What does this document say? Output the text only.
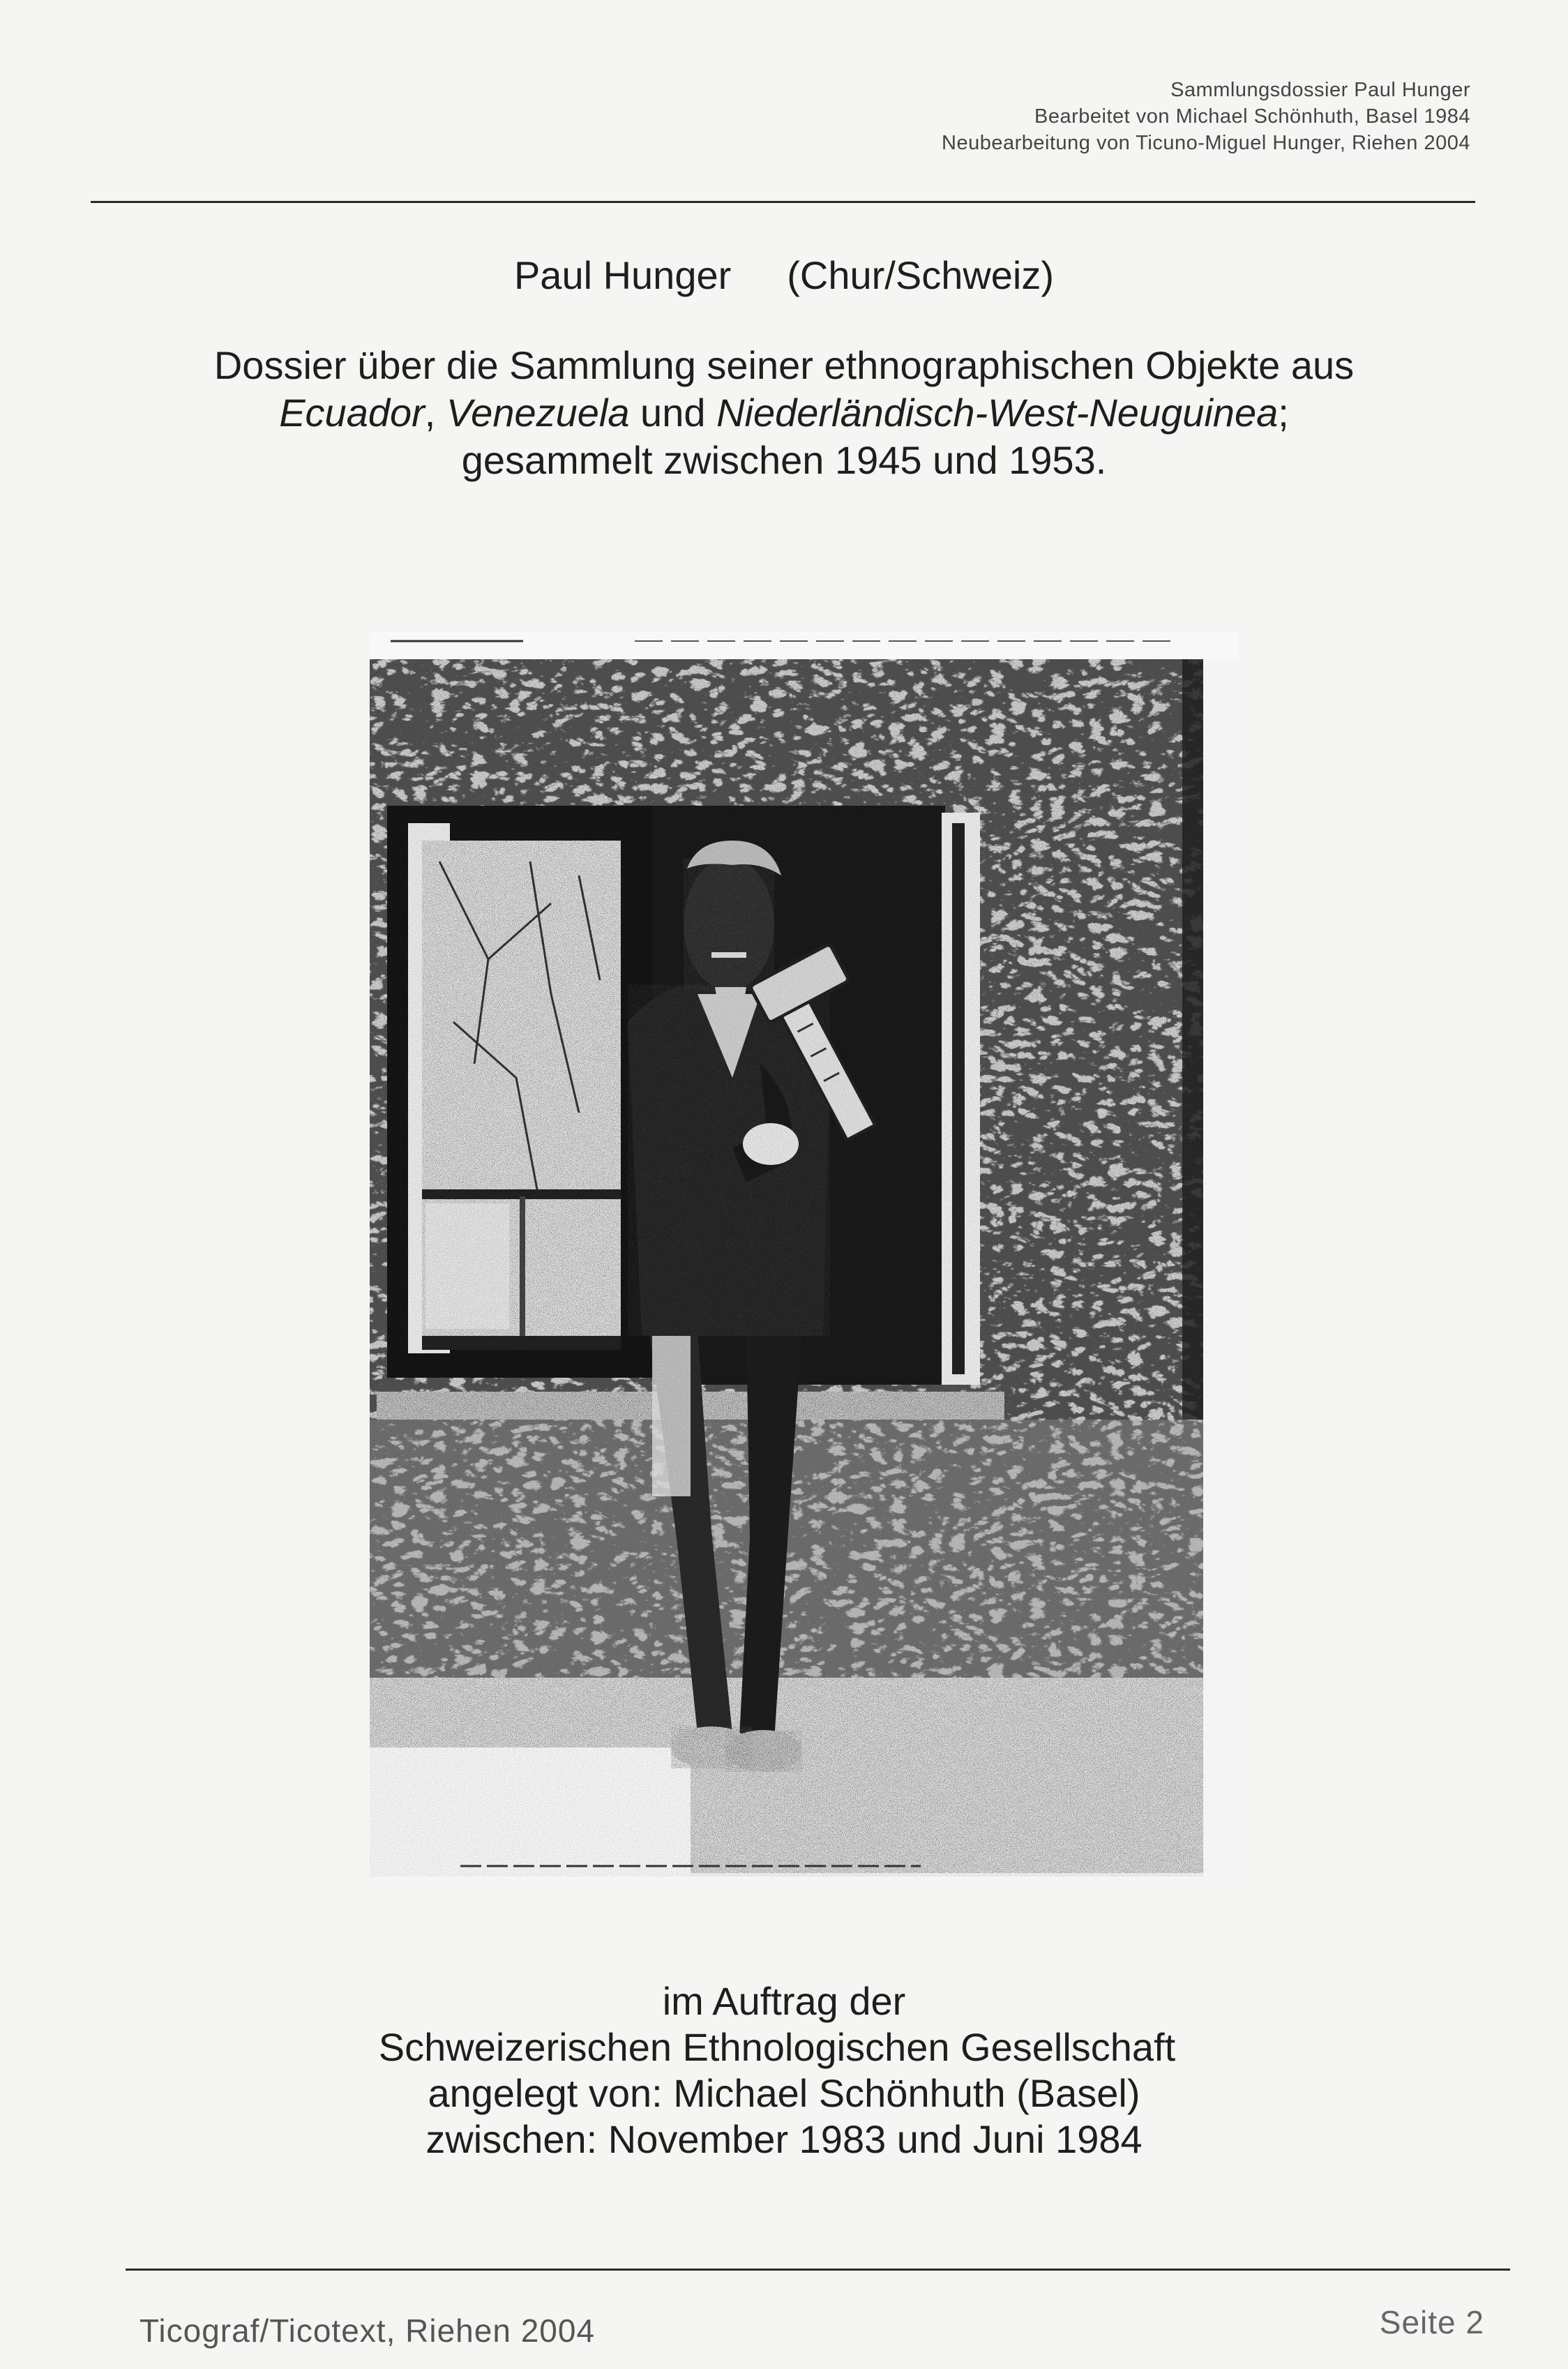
Sammlungsdossier Paul Hunger
Bearbeitet von Michael Schönhuth, Basel 1984
Neubearbeitung von Ticuno-Miguel Hunger, Riehen 2004
Paul Hunger (Chur/Schweiz)
Dossier über die Sammlung seiner ethnographischen Objekte aus
Ecuador, Venezuela und Niederländisch-West-Neuguinea;
gesammelt zwischen 1945 und 1953.
im Auftrag der
Schweizerischen Ethnologischen Gesellschaft
angelegt von: Michael Schönhuth (Basel)
zwischen: November 1983 und Juni 1984
Ticograf/Ticotext, Riehen 2004	Seite 2
